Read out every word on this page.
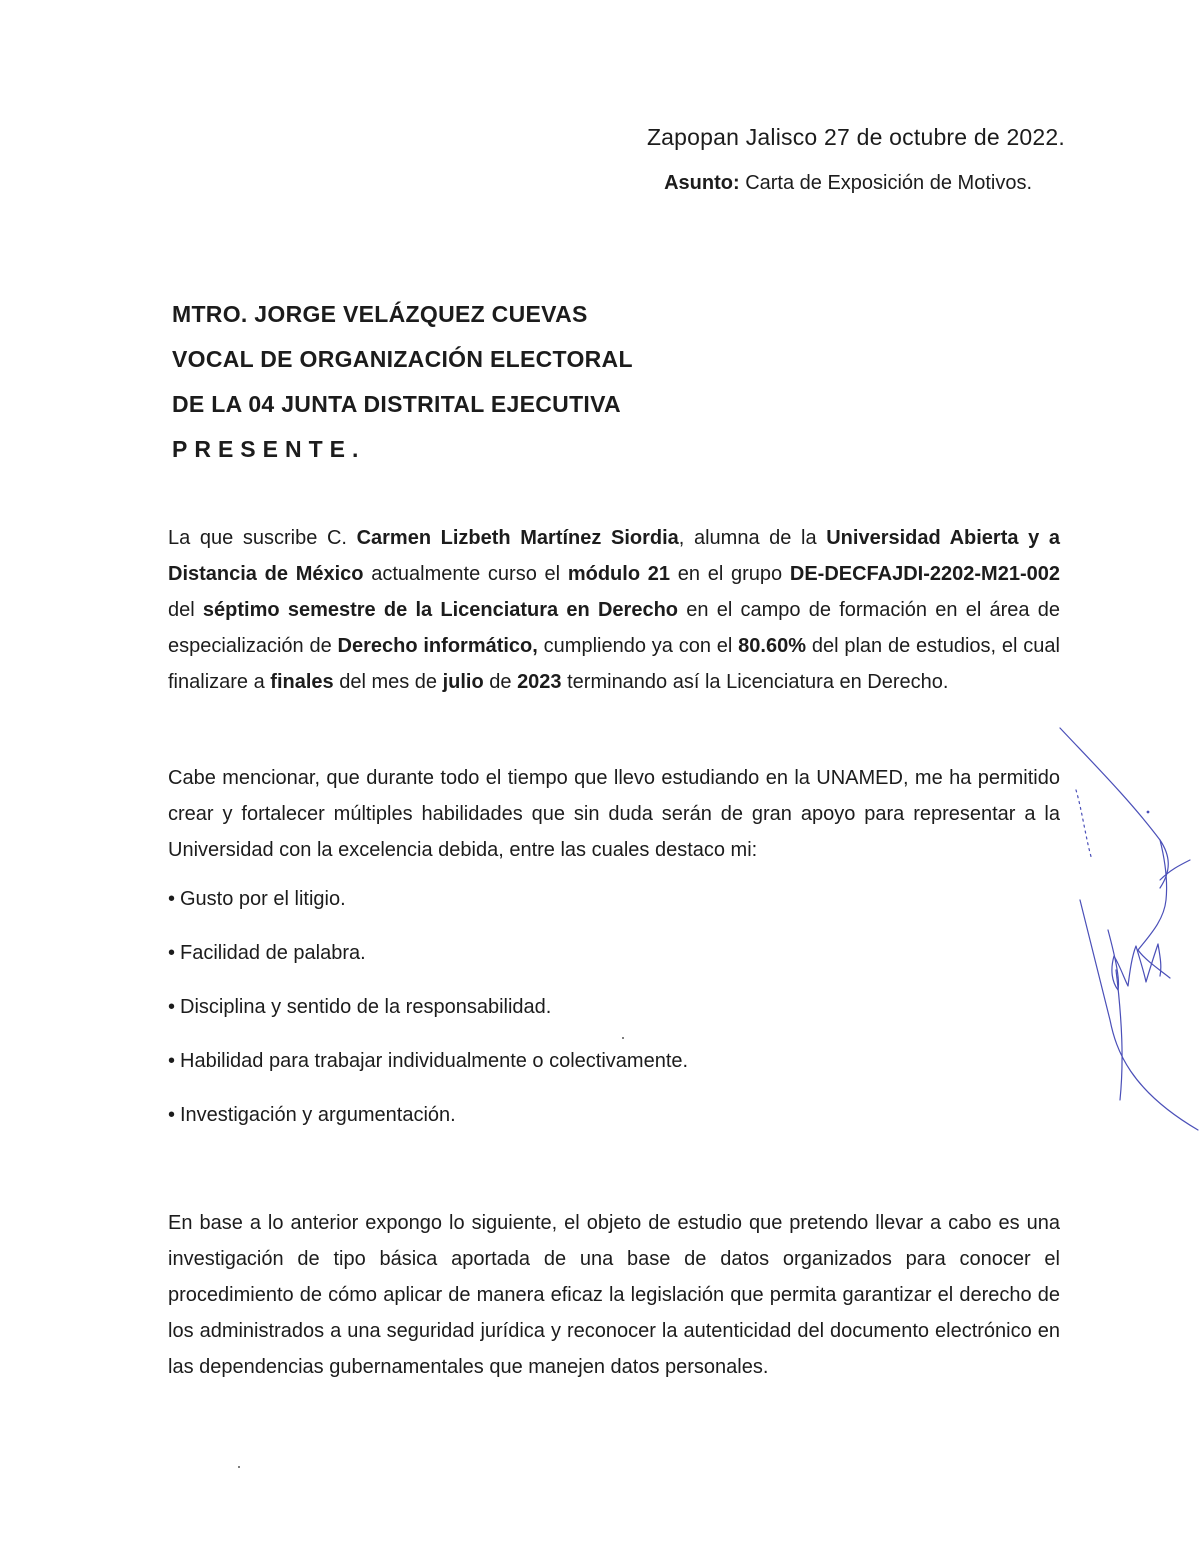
Zapopan Jalisco 27 de octubre de 2022.
Asunto: Carta de Exposición de Motivos.
MTRO. JORGE VELÁZQUEZ CUEVAS
VOCAL DE ORGANIZACIÓN ELECTORAL
DE LA 04 JUNTA DISTRITAL EJECUTIVA
PRESENTE.
La que suscribe C. Carmen Lizbeth Martínez Siordia, alumna de la Universidad Abierta y a Distancia de México actualmente curso el módulo 21 en el grupo DE-DECFAJDI-2202-M21-002 del séptimo semestre de la Licenciatura en Derecho en el campo de formación en el área de especialización de Derecho informático, cumpliendo ya con el 80.60% del plan de estudios, el cual finalizare a finales del mes de julio de 2023 terminando así la Licenciatura en Derecho.
Cabe mencionar, que durante todo el tiempo que llevo estudiando en la UNAMED, me ha permitido crear y fortalecer múltiples habilidades que sin duda serán de gran apoyo para representar a la Universidad con la excelencia debida, entre las cuales destaco mi:
• Gusto por el litigio.
• Facilidad de palabra.
• Disciplina y sentido de la responsabilidad.
• Habilidad para trabajar individualmente o colectivamente.
• Investigación y argumentación.
En base a lo anterior expongo lo siguiente, el objeto de estudio que pretendo llevar a cabo es una investigación de tipo básica aportada de una base de datos organizados para conocer el procedimiento de cómo aplicar de manera eficaz la legislación que permita garantizar el derecho de los administrados a una seguridad jurídica y reconocer la autenticidad del documento electrónico en las dependencias gubernamentales que manejen datos personales.
